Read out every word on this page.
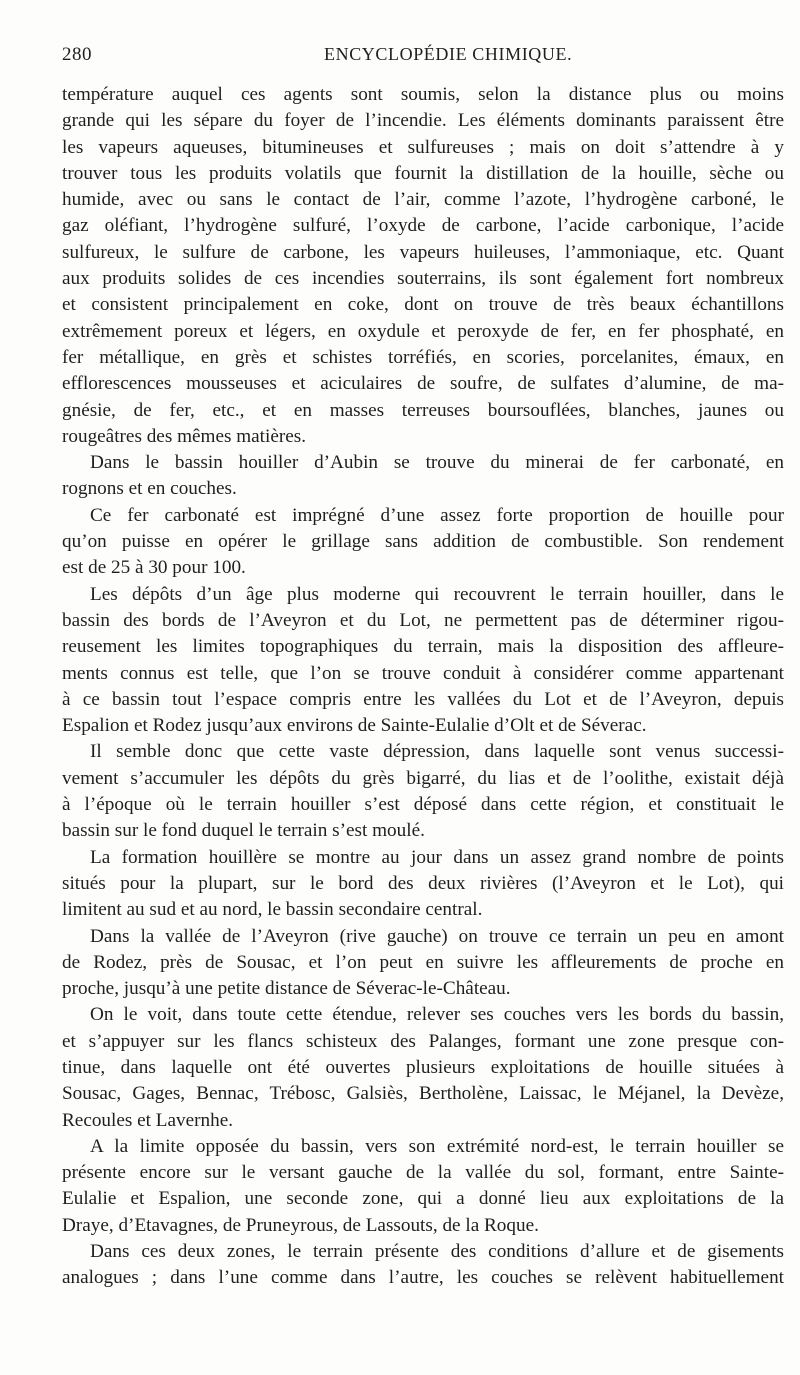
280	ENCYCLOPÉDIE CHIMIQUE.
température auquel ces agents sont soumis, selon la distance plus ou moins
grande qui les sépare du foyer de l’incendie. Les éléments dominants paraissent être
les vapeurs aqueuses, bitumineuses et sulfureuses ; mais on doit s’attendre à y
trouver tous les produits volatils que fournit la distillation de la houille, sèche ou
humide, avec ou sans le contact de l’air, comme l’azote, l’hydrogène carboné, le
gaz oléfiant, l’hydrogène sulfuré, l’oxyde de carbone, l’acide carbonique, l’acide
sulfureux, le sulfure de carbone, les vapeurs huileuses, l’ammoniaque, etc. Quant
aux produits solides de ces incendies souterrains, ils sont également fort nombreux
et consistent principalement en coke, dont on trouve de très beaux échantillons
extrêmement poreux et légers, en oxydule et peroxyde de fer, en fer phosphaté, en
fer métallique, en grès et schistes torréfiés, en scories, porcelanites, émaux, en
efflorescences mousseuses et aciculaires de soufre, de sulfates d’alumine, de ma-
gnésie, de fer, etc., et en masses terreuses boursouflées, blanches, jaunes ou
rougeâtres des mêmes matières.
Dans le bassin houiller d’Aubin se trouve du minerai de fer carbonaté, en
rognons et en couches.
Ce fer carbonaté est imprégné d’une assez forte proportion de houille pour
qu’on puisse en opérer le grillage sans addition de combustible. Son rendement
est de 25 à 30 pour 100.
Les dépôts d’un âge plus moderne qui recouvrent le terrain houiller, dans le
bassin des bords de l’Aveyron et du Lot, ne permettent pas de déterminer rigou-
reusement les limites topographiques du terrain, mais la disposition des affleure-
ments connus est telle, que l’on se trouve conduit à considérer comme appartenant
à ce bassin tout l’espace compris entre les vallées du Lot et de l’Aveyron, depuis
Espalion et Rodez jusqu’aux environs de Sainte-Eulalie d’Olt et de Séverac.
Il semble donc que cette vaste dépression, dans laquelle sont venus successi-
vement s’accumuler les dépôts du grès bigarré, du lias et de l’oolithe, existait déjà
à l’époque où le terrain houiller s’est déposé dans cette région, et constituait le
bassin sur le fond duquel le terrain s’est moulé.
La formation houillère se montre au jour dans un assez grand nombre de points
situés pour la plupart, sur le bord des deux rivières (l’Aveyron et le Lot), qui
limitent au sud et au nord, le bassin secondaire central.
Dans la vallée de l’Aveyron (rive gauche) on trouve ce terrain un peu en amont
de Rodez, près de Sousac, et l’on peut en suivre les affleurements de proche en
proche, jusqu’à une petite distance de Séverac-le-Château.
On le voit, dans toute cette étendue, relever ses couches vers les bords du bassin,
et s’appuyer sur les flancs schisteux des Palanges, formant une zone presque con-
tinue, dans laquelle ont été ouvertes plusieurs exploitations de houille situées à
Sousac, Gages, Bennac, Trébosc, Galsiès, Bertholène, Laissac, le Méjanel, la Devèze,
Recoules et Lavernhe.
A la limite opposée du bassin, vers son extrémité nord-est, le terrain houiller se
présente encore sur le versant gauche de la vallée du sol, formant, entre Sainte-
Eulalie et Espalion, une seconde zone, qui a donné lieu aux exploitations de la
Draye, d’Etavagnes, de Pruneyrous, de Lassouts, de la Roque.
Dans ces deux zones, le terrain présente des conditions d’allure et de gisements
analogues ; dans l’une comme dans l’autre, les couches se relèvent habituellement
